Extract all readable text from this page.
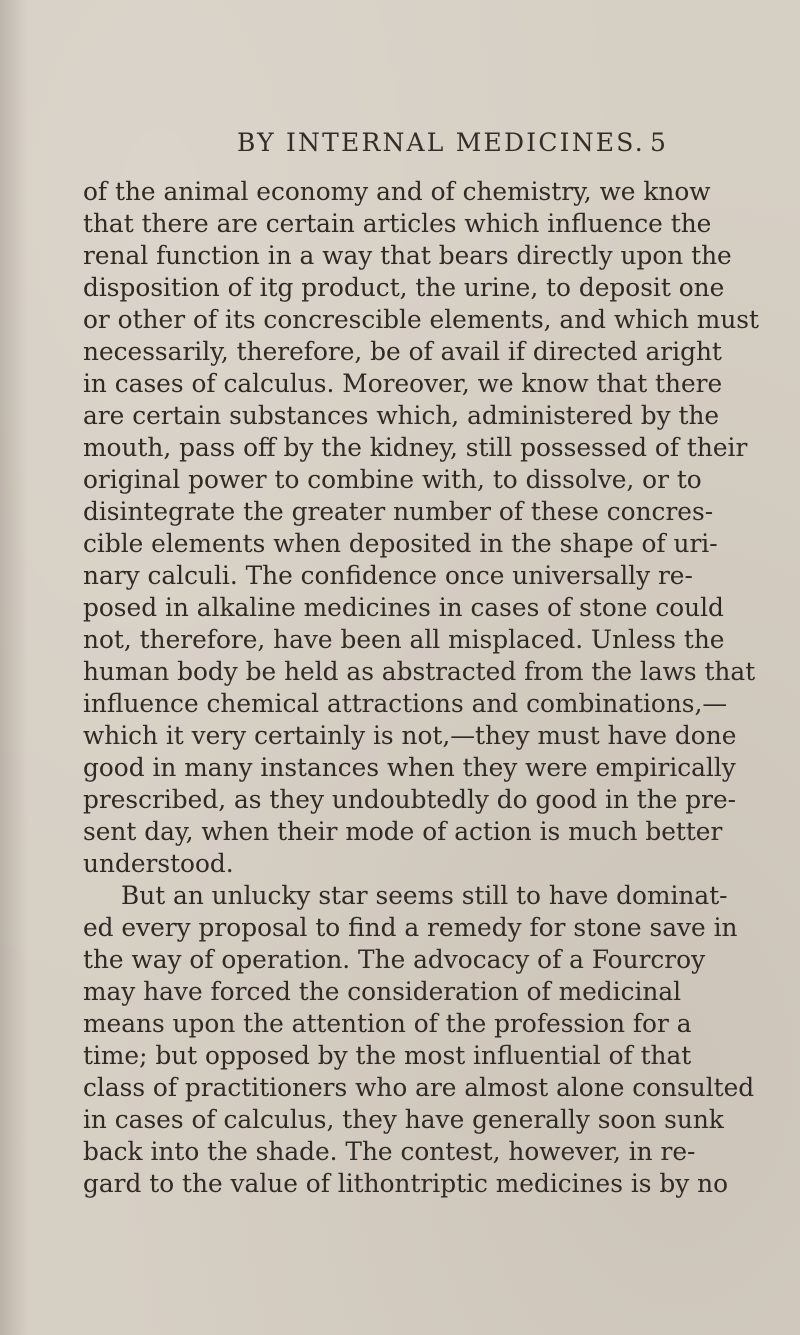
BY INTERNAL MEDICINES. 5
of the animal economy and of chemistry, we know
that there are certain articles which influence the
renal function in a way that bears directly upon the
disposition of itg product, the urine, to deposit one
or other of its concrescible elements, and which must
necessarily, therefore, be of avail if directed aright
in cases of calculus. Moreover, we know that there
are certain substances which, administered by the
mouth, pass off by the kidney, still possessed of their
original power to combine with, to dissolve, or to
disintegrate the greater number of these concres-
cible elements when deposited in the shape of uri-
nary calculi. The confidence once universally re-
posed in alkaline medicines in cases of stone could
not, therefore, have been all misplaced. Unless the
human body be held as abstracted from the laws that
influence chemical attractions and combinations,—
which it very certainly is not,—they must have done
good in many instances when they were empirically
prescribed, as they undoubtedly do good in the pre-
sent day, when their mode of action is much better
understood.
But an unlucky star seems still to have dominat-
ed every proposal to find a remedy for stone save in
the way of operation. The advocacy of a Fourcroy
may have forced the consideration of medicinal
means upon the attention of the profession for a
time; but opposed by the most influential of that
class of practitioners who are almost alone consulted
in cases of calculus, they have generally soon sunk
back into the shade. The contest, however, in re-
gard to the value of lithontriptic medicines is by no
